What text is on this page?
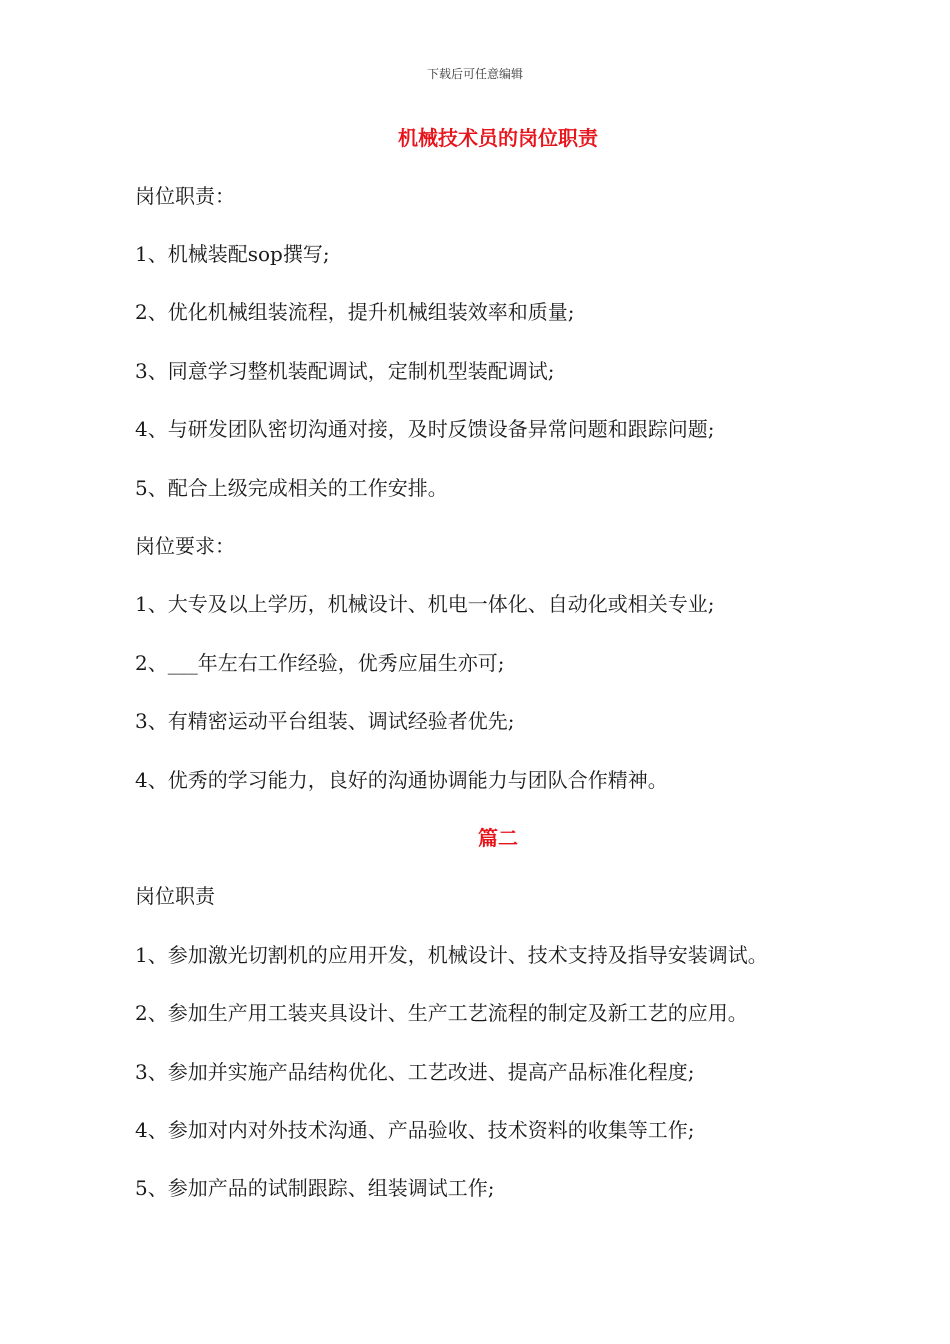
下载后可任意编辑
机械技术员的岗位职责
岗位职责：
1、机械装配sop撰写;
2、优化机械组装流程，提升机械组装效率和质量;
3、同意学习整机装配调试，定制机型装配调试;
4、与研发团队密切沟通对接，及时反馈设备异常问题和跟踪问题;
5、配合上级完成相关的工作安排。
岗位要求：
1、大专及以上学历，机械设计、机电一体化、自动化或相关专业;
2、___年左右工作经验，优秀应届生亦可;
3、有精密运动平台组装、调试经验者优先;
4、优秀的学习能力，良好的沟通协调能力与团队合作精神。
篇二
岗位职责
1、参加激光切割机的应用开发，机械设计、技术支持及指导安装调试。
2、参加生产用工装夹具设计、生产工艺流程的制定及新工艺的应用。
3、参加并实施产品结构优化、工艺改进、提高产品标准化程度;
4、参加对内对外技术沟通、产品验收、技术资料的收集等工作;
5、参加产品的试制跟踪、组装调试工作;
